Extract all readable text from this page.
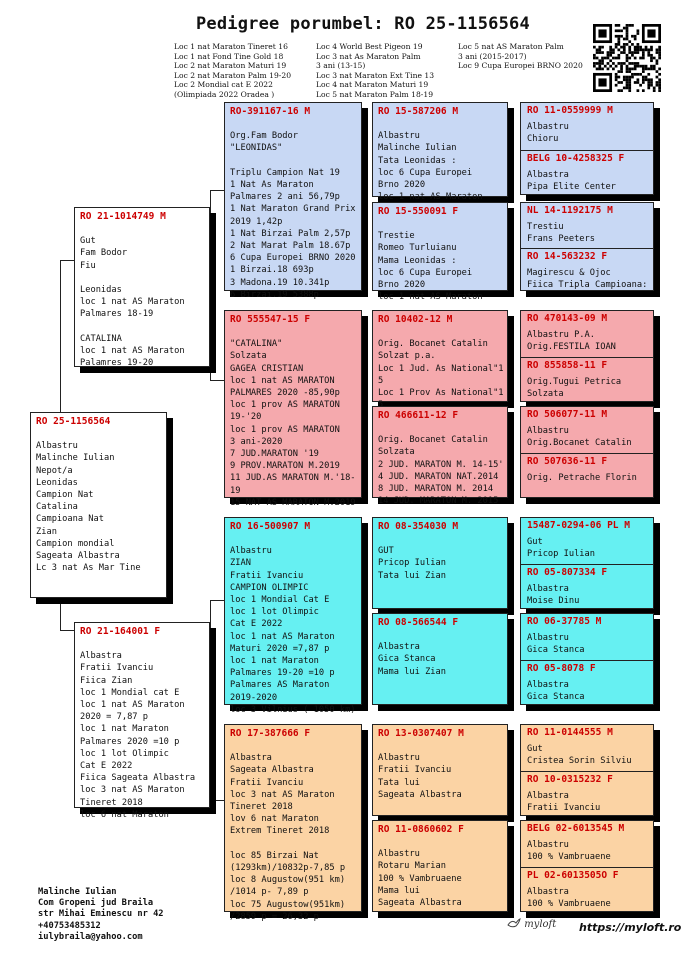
Pedigree porumbel: RO 25-1156564
Loc 1 nat Maraton Tineret 16
Loc 1 nat Fond Tine Gold 18
Loc 2 nat Maraton Maturi 19
Loc 2 nat Maraton Palm 19-20
Loc 2 Mondial cat E 2022
(Olimpiada 2022 Oradea )
Loc 4 World Best Pigeon 19
Loc 3 nat As Maraton Palm
3 ani (13-15)
Loc 3 nat Maraton Ext Tine 13
Loc 4 nat Maraton Maturi 19
Loc 5 nat Maraton Palm 18-19
Loc 5 nat AS Maraton Palm
3 ani (2015-2017)
Loc 9 Cupa Europei BRNO 2020
RO 25-1156564
Albastru
Malinche Iulian
Nepot/a
Leonidas
Campion Nat
Catalina
Campioana Nat
Zian
Campion mondial
Sageata Albastra
Lc 3 nat As Mar Tine
RO 21-1014749 M
Gut
Fam Bodor
Fiu
Leonidas
loc 1 nat AS Maraton
Palmares 18-19
CATALINA
loc 1 nat AS Maraton
Palamres 19-20
RO 21-164001 F
Albastra
Fratii Ivanciu
Fiica Zian
loc 1 Mondial cat E
loc 1 nat AS Maraton
2020 = 7,87 p
loc 1 nat Maraton
Palmares 2020 =10 p
loc 1 lot Olimpic
Cat E 2022
Fiica Sageata Albastra
loc 3 nat AS Maraton
Tineret 2018
loc 6 nat Maraton
RO-391167-16 M
Org.Fam Bodor
"LEONIDAS"
Triplu Campion Nat 19
1 Nat As Maraton
Palmares 2 ani 56,79p
1 Nat Maraton Grand Prix
2019 1,42p
1 Nat Birzai Palm 2,57p
2 Nat Marat Palm 18.67p
6 Cupa Europei BRNO 2020
1 Birzai.18 693p
3 Madona.19 10.341p
6 Birzai.19 5388p
RO 555547-15 F
"CATALINA"
Solzata
GAGEA CRISTIAN
loc 1 nat AS MARATON
PALMARES 2020 -85,90p
loc 1 prov AS MARATON
19-'20
loc 1 prov AS MARATON
3 ani-2020
7 JUD.MARATON '19
9 PROV.MARATON M.2019
11 JUD.AS MARATON M.'18-
19
15 NAT AS MARATON M.2019
RO 16-500907 M
Albastru
ZIAN
Fratii Ivanciu
CAMPION OLIMPIC
loc 1 Mondial Cat E
loc 1 lot Olimpic
Cat E 2022
loc 1 nat AS Maraton
Maturi 2020 =7,87 p
loc 1 nat Maraton
Palmares 19-20 =10 p
Palmares AS Maraton
2019-2020
loc 3 Vilnius ( 1050 km)
RO 17-387666 F
Albastra
Sageata Albastra
Fratii Ivanciu
loc 3 nat AS Maraton
Tineret 2018
lov 6 nat Maraton
Extrem Tineret 2018
loc 85 Birzai Nat
(1293km)/10832p-7,85 p
loc 8 Augustow(951 km)
/1014 p- 7,89 p
loc 75 Augustow(951km)
/2859 p = 26,32 p
RO 15-587206 M
Albastru
Malinche Iulian
Tata Leonidas :
loc 6 Cupa Europei
Brno 2020
loc 1 nat AS Maraton
RO 15-550091 F
Trestie
Romeo Turluianu
Mama Leonidas :
loc 6 Cupa Europei
Brno 2020
loc 1 nat AS Maraton
RO 10402-12 M
Orig. Bocanet Catalin
Solzat p.a.
Loc 1 Jud. As National"1
5
Loc 1 Prov As National"1
RO 466611-12 F
Orig. Bocanet Catalin
Solzata
2 JUD. MARATON M. 14-15'
4 JUD. MARATON NAT.2014
8 JUD. MARATON M. 2014
14 JUD. MARATON M. 2015
RO 08-354030 M
GUT
Pricop Iulian
Tata lui Zian
RO 08-566544 F
Albastra
Gica Stanca
Mama lui Zian
RO 13-0307407 M
Albastru
Fratii Ivanciu
Tata lui
Sageata Albastra
RO 11-0860602 F
Albastru
Rotaru Marian
100 % Vambruaene
Mama lui
Sageata Albastra
RO 11-0559999 M
Albastru
Chioru
BELG 10-4258325 F
Albastra
Pipa Elite Center
NL 14-1192175 M
Trestiu
Frans Peeters
RO 14-563232 F
Magirescu & Ojoc
Fiica Tripla Campioana:
RO 470143-09 M
Albastru P.A.
Orig.FESTILA IOAN
RO 855858-11 F
Orig.Tugui Petrica
Solzata
RO 506077-11 M
Albastru
Orig.Bocanet Catalin
RO 507636-11 F
Orig. Petrache Florin
15487-0294-06 PL M
Gut
Pricop Iulian
RO 05-807334 F
Albastra
Moise Dinu
RO 06-37785 M
Albastru
Gica Stanca
RO 05-8078 F
Albastra
Gica Stanca
RO 11-0144555 M
Gut
Cristea Sorin Silviu
RO 10-0315232 F
Albastra
Fratii Ivanciu
BELG 02-6013545 M
Albastru
100 % Vambruaene
PL 02-6013505O F
Albastra
100 % Vambruaene
Malinche Iulian
Com Gropeni jud Braila
str Mihai Eminescu nr 42
+40753485312
iulybraila@yahoo.com
myloft https://myloft.ro
